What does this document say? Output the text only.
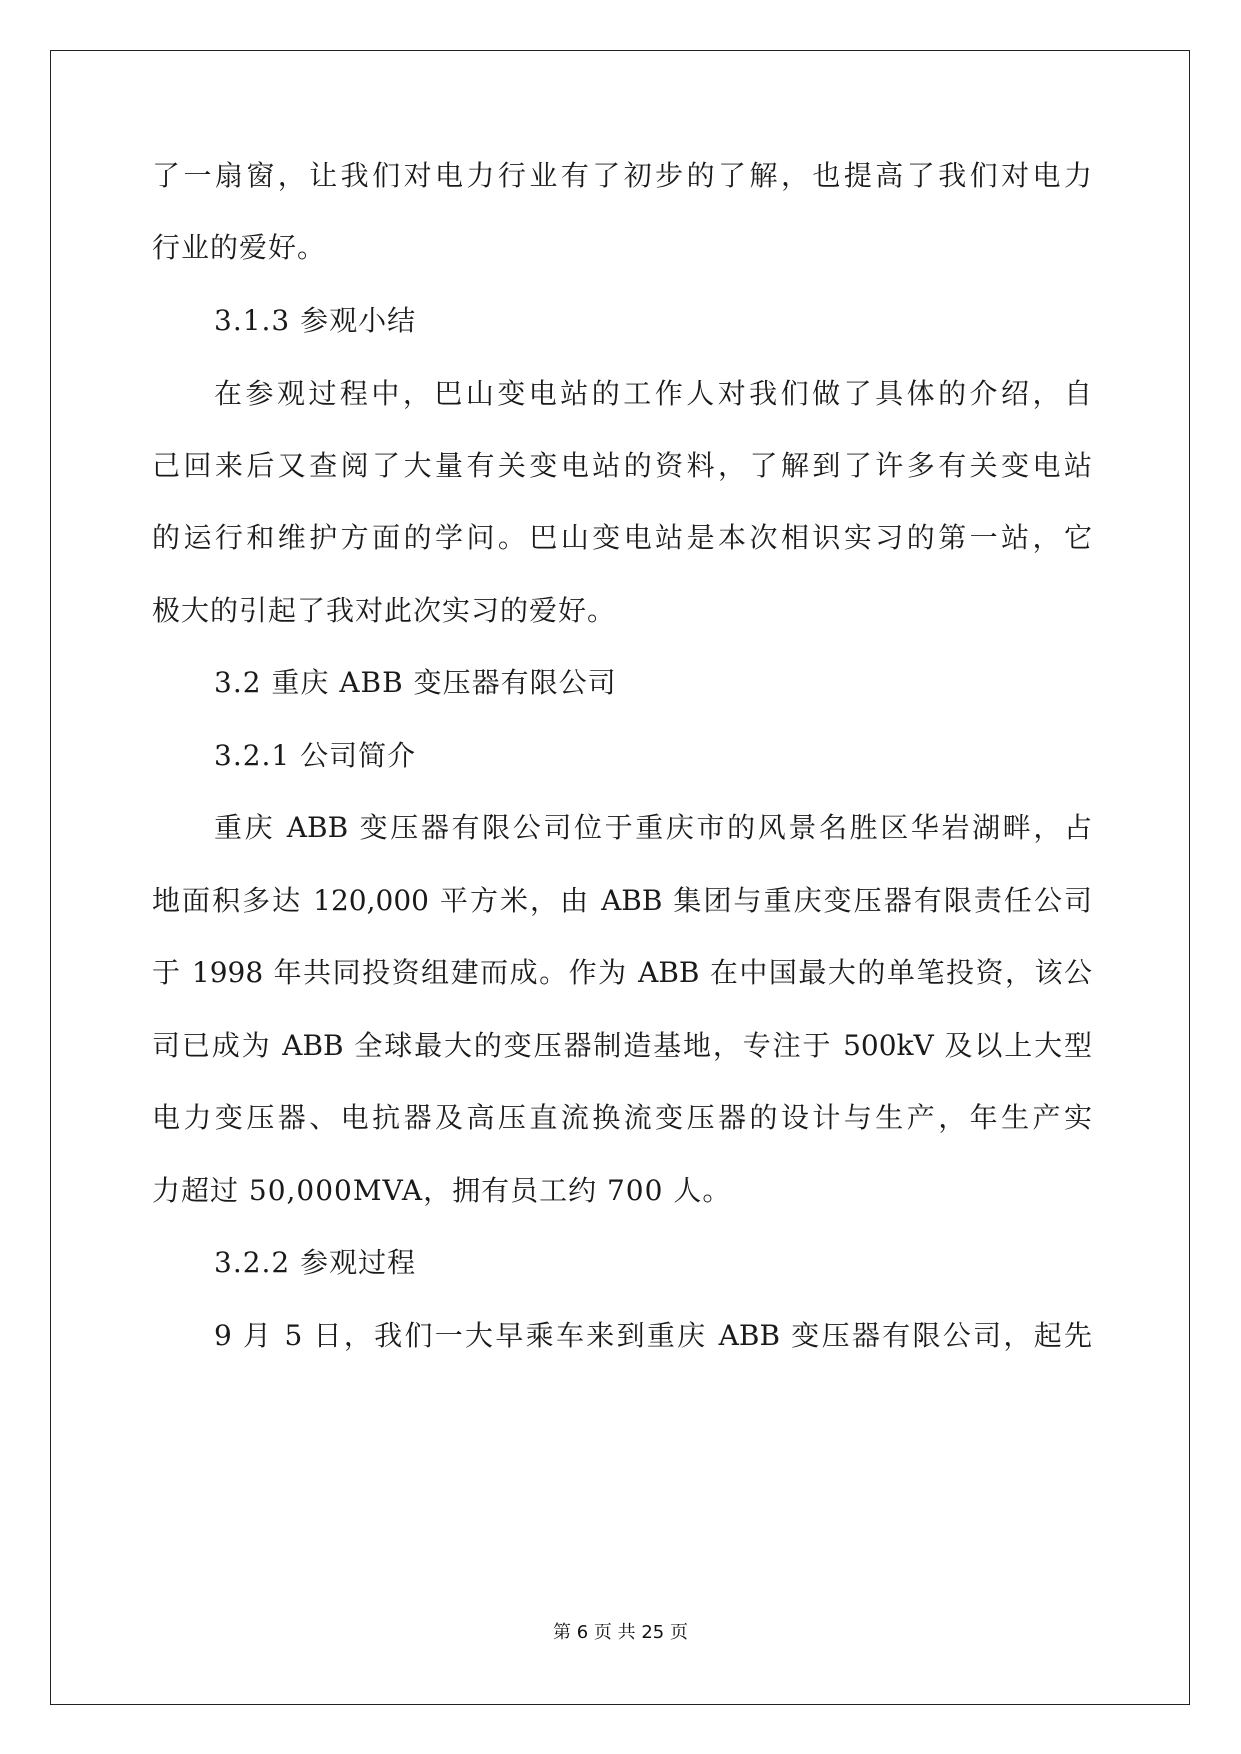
了一扇窗，让我们对电力行业有了初步的了解，也提高了我们对电力
行业的爱好。
3.1.3 参观小结
在参观过程中，巴山变电站的工作人对我们做了具体的介绍，自
己回来后又查阅了大量有关变电站的资料，了解到了许多有关变电站
的运行和维护方面的学问。巴山变电站是本次相识实习的第一站，它
极大的引起了我对此次实习的爱好。
3.2 重庆 ABB 变压器有限公司
3.2.1 公司简介
重庆 ABB 变压器有限公司位于重庆市的风景名胜区华岩湖畔，占
地面积多达 120,000 平方米，由 ABB 集团与重庆变压器有限责任公司
于 1998 年共同投资组建而成。作为 ABB 在中国最大的单笔投资，该公
司已成为 ABB 全球最大的变压器制造基地，专注于 500kV 及以上大型
电力变压器、电抗器及高压直流换流变压器的设计与生产，年生产实
力超过 50,000MVA，拥有员工约 700 人。
3.2.2 参观过程
9 月 5 日，我们一大早乘车来到重庆 ABB 变压器有限公司，起先
第 6 页 共 25 页
